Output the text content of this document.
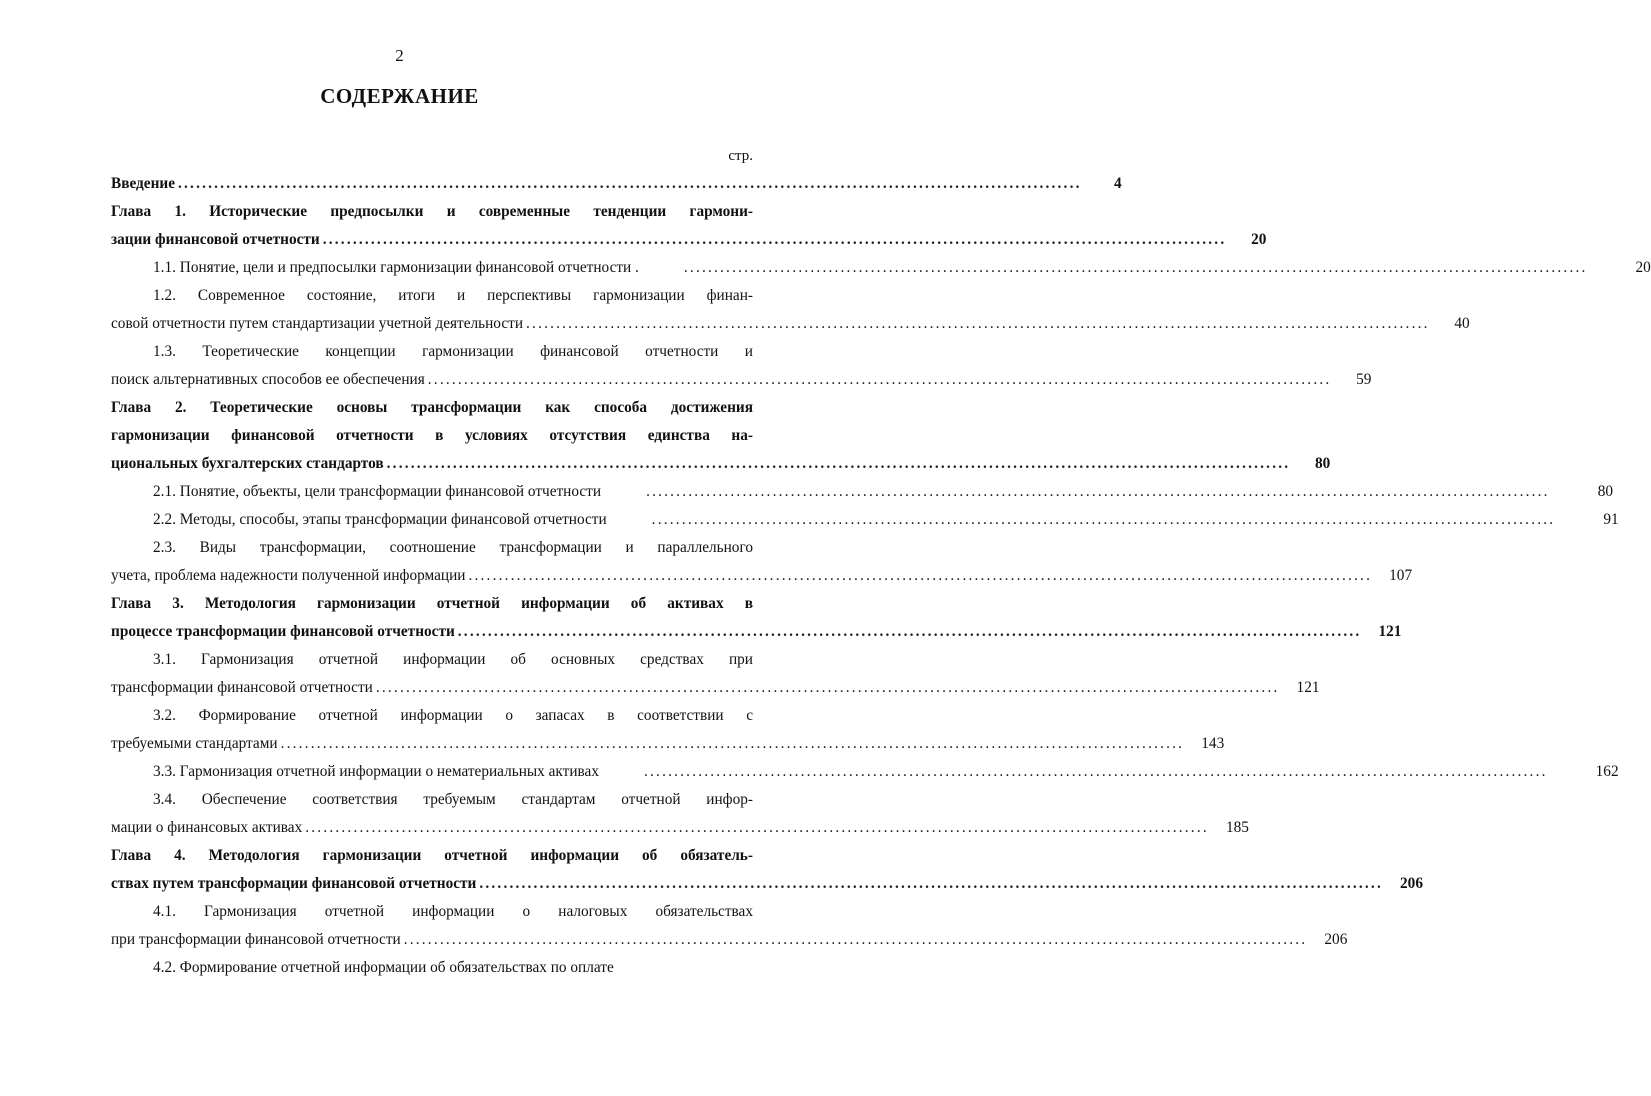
2
СОДЕРЖАНИЕ
стр.
Введение ......................................................................................................................................................	4
Глава 1. Исторические предпосылки и современные тенденции гармони-
зации финансовой отчетности ......................................................................................................................................................	20
1.1. Понятие, цели и предпосылки гармонизации финансовой отчетности .	......................................................................................................................................................	20
1.2. Современное состояние, итоги и перспективы гармонизации финан-
совой отчетности путем стандартизации учетной деятельности ......................................................................................................................................................	40
1.3. Теоретические концепции гармонизации финансовой отчетности и
поиск альтернативных способов ее обеспечения ......................................................................................................................................................	59
Глава 2. Теоретические основы трансформации как способа достижения
гармонизации финансовой отчетности в условиях отсутствия единства на-
циональных бухгалтерских стандартов ......................................................................................................................................................	80
2.1. Понятие, объекты, цели трансформации финансовой отчетности	......................................................................................................................................................	80
2.2. Методы, способы, этапы трансформации финансовой отчетности	......................................................................................................................................................	91
2.3. Виды трансформации, соотношение трансформации и параллельного
учета, проблема надежности полученной информации ......................................................................................................................................................	107
Глава 3. Методология гармонизации отчетной информации об активах в
процессе трансформации финансовой отчетности ......................................................................................................................................................	121
3.1. Гармонизация отчетной информации об основных средствах при
трансформации финансовой отчетности ......................................................................................................................................................	121
3.2. Формирование отчетной информации о запасах в соответствии с
требуемыми стандартами ......................................................................................................................................................	143
3.3. Гармонизация отчетной информации о нематериальных активах	......................................................................................................................................................	162
3.4. Обеспечение соответствия требуемым стандартам отчетной инфор-
мации о финансовых активах ......................................................................................................................................................	185
Глава 4. Методология гармонизации отчетной информации об обязатель-
ствах путем трансформации финансовой отчетности ......................................................................................................................................................	206
4.1. Гармонизация отчетной информации о налоговых обязательствах
при трансформации финансовой отчетности ......................................................................................................................................................	206
4.2. Формирование отчетной информации об обязательствах по оплате
